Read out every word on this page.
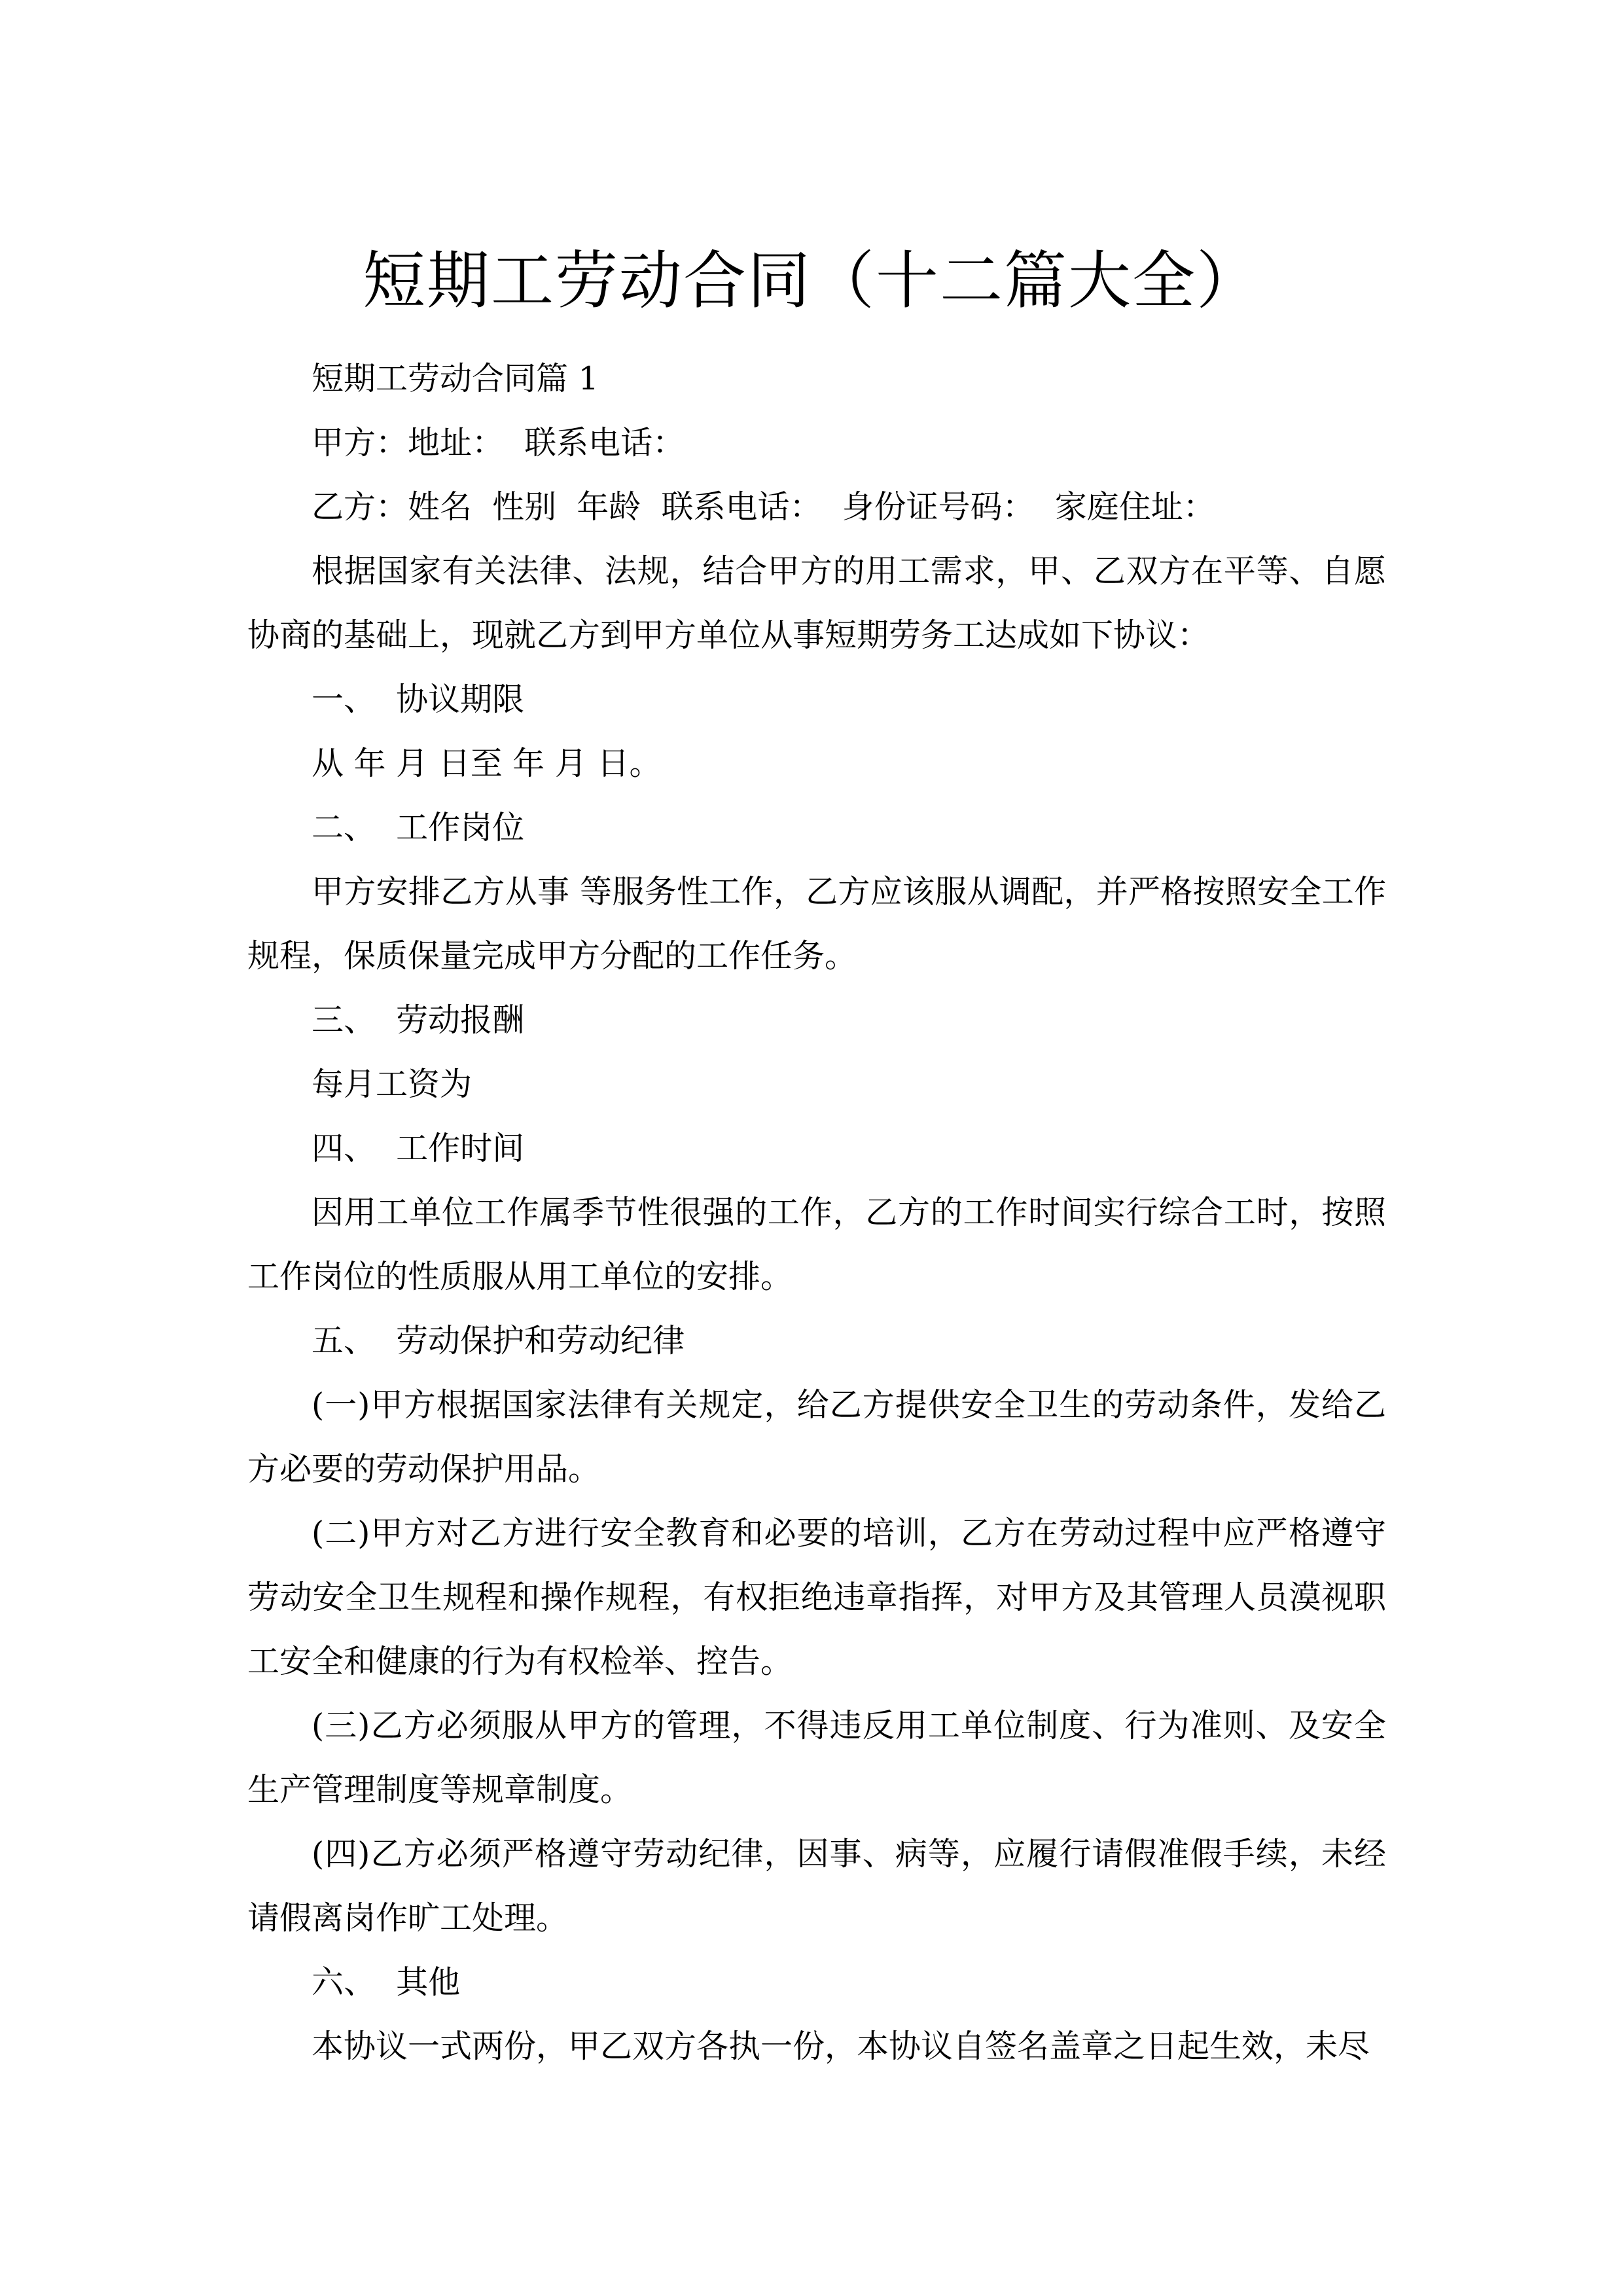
短期工劳动合同（十二篇大全）

短期工劳动合同篇 1

甲方：地址：  联系电话：

乙方：姓名  性别  年龄  联系电话：  身份证号码：  家庭住址：

根据国家有关法律、法规，结合甲方的用工需求，甲、乙双方在平等、自愿协商的基础上，现就乙方到甲方单位从事短期劳务工达成如下协议：

一、  协议期限

从 年 月 日至 年 月 日。

二、  工作岗位

甲方安排乙方从事 等服务性工作，乙方应该服从调配，并严格按照安全工作规程，保质保量完成甲方分配的工作任务。

三、  劳动报酬

每月工资为

四、  工作时间

因用工单位工作属季节性很强的工作，乙方的工作时间实行综合工时，按照工作岗位的性质服从用工单位的安排。

五、  劳动保护和劳动纪律

(一)甲方根据国家法律有关规定，给乙方提供安全卫生的劳动条件，发给乙方必要的劳动保护用品。

(二)甲方对乙方进行安全教育和必要的培训，乙方在劳动过程中应严格遵守劳动安全卫生规程和操作规程，有权拒绝违章指挥，对甲方及其管理人员漠视职工安全和健康的行为有权检举、控告。

(三)乙方必须服从甲方的管理，不得违反用工单位制度、行为准则、及安全生产管理制度等规章制度。

(四)乙方必须严格遵守劳动纪律，因事、病等，应履行请假准假手续，未经请假离岗作旷工处理。

六、  其他

本协议一式两份，甲乙双方各执一份，本协议自签名盖章之日起生效，未尽
